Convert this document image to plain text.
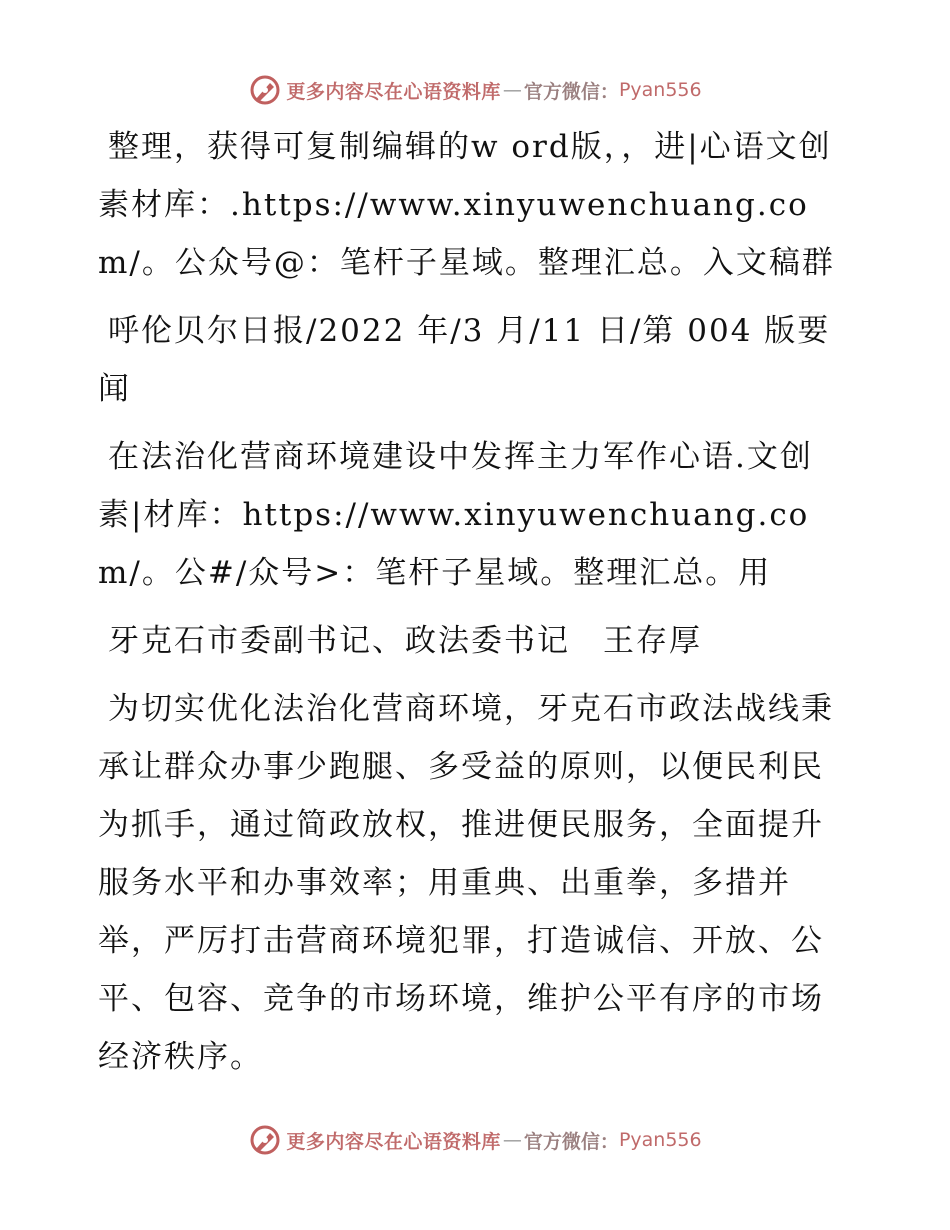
更多内容尽在心语资料库 — 官方微信： Pyan556

整理，获得可复制编辑的w ord版，，进|心语文创素材库：.https://www.xinyuwenchuang.com/。公众号@：笔杆子星域。整理汇总。入文稿群

呼伦贝尔日报/2022 年/3 月/11 日/第 004 版要闻

在法治化营商环境建设中发挥主力军作心语.文创素|材库：https://www.xinyuwenchuang.com/。公#/众号>：笔杆子星域。整理汇总。用

牙克石市委副书记、政法委书记　王存厚

为切实优化法治化营商环境，牙克石市政法战线秉承让群众办事少跑腿、多受益的原则，以便民利民为抓手，通过简政放权，推进便民服务，全面提升服务水平和办事效率；用重典、出重拳，多措并举，严厉打击营商环境犯罪，打造诚信、开放、公平、包容、竞争的市场环境，维护公平有序的市场经济秩序。

更多内容尽在心语资料库 — 官方微信： Pyan556
